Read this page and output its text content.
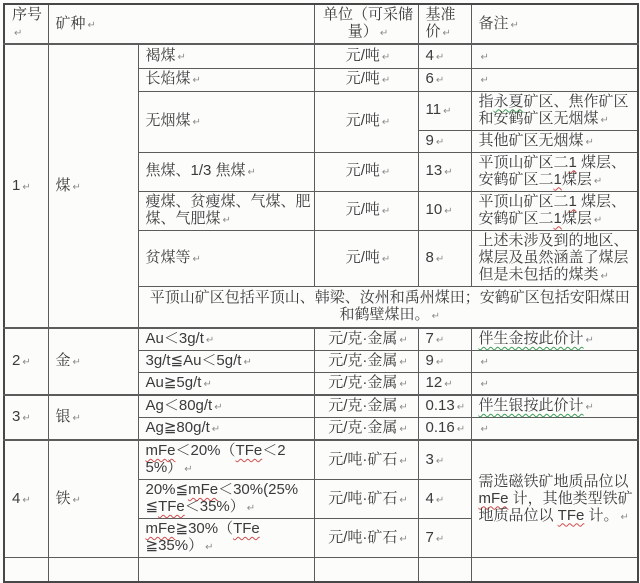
序号↵	矿种 ↵		单位（可采储量） ↵	基准价 ↵	备注 ↵
1 ↵	煤 ↵	褐煤 ↵	元/吨 ↵	4 ↵	↵
		长焰煤 ↵	元/吨 ↵	6 ↵	↵
		无烟煤 ↵	元/吨 ↵	11 ↵	指永夏矿区、焦作矿区和安鹤矿区无烟煤 ↵
				9 ↵	其他矿区无烟煤 ↵
		焦煤、1/3 焦煤 ↵	元/吨 ↵	13 ↵	平顶山矿区二1 煤层、安鹤矿区二1煤层 ↵
		瘦煤、贫瘦煤、气煤、肥煤、气肥煤 ↵	元/吨 ↵	10 ↵	平顶山矿区二1 煤层、安鹤矿区二1煤层 ↵
		贫煤等 ↵	元/吨 ↵	8 ↵	上述未涉及到的地区、煤层及虽然涵盖了煤层但是未包括的煤类 ↵
		平顶山矿区包括平顶山、韩梁、汝州和禹州煤田；安鹤矿区包括安阳煤田和鹤壁煤田。 ↵			
2 ↵	金 ↵	Au＜3g/t ↵	元/克·金属 ↵	7 ↵	伴生金按此价计 ↵
		3g/t≦Au＜5g/t ↵	元/克·金属 ↵	9 ↵	↵
		Au≧5g/t ↵	元/克·金属 ↵	12 ↵	↵
3 ↵	银 ↵	Ag＜80g/t ↵	元/克·金属 ↵	0.13 ↵	伴生银按此价计 ↵
		Ag≧80g/t ↵	元/克·金属 ↵	0.16 ↵	↵
4 ↵	铁 ↵	mFe＜20%（TFe＜25%） ↵	元/吨·矿石 ↵	3 ↵	需选磁铁矿地质品位以mFe 计，其他类型铁矿地质品位以 TFe 计。 ↵
		20%≦mFe＜30%(25%≦TFe＜35%） ↵	元/吨·矿石 ↵	4 ↵	
		mFe≧30%（TFe≧35%） ↵	元/吨·矿石 ↵	7 ↵	
